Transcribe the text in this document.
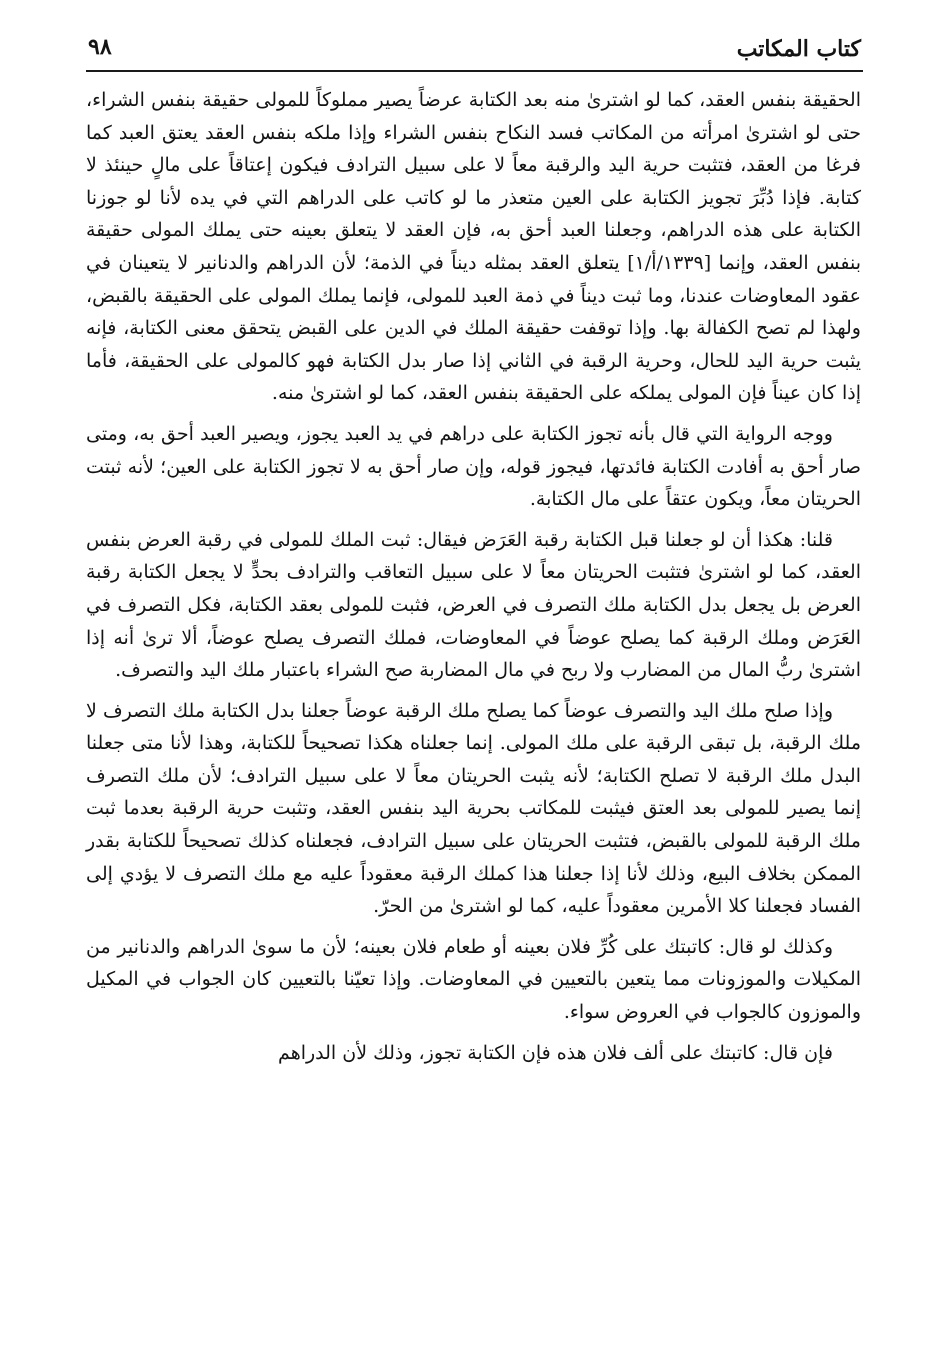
كتاب المكاتب
٩٨

الحقيقة بنفس العقد، كما لو اشترىٰ منه بعد الكتابة عرضاً يصير مملوكاً للمولى حقيقة بنفس الشراء، حتى لو اشترىٰ امرأته من المكاتب فسد النكاح بنفس الشراء وإذا ملكه بنفس العقد يعتق العبد كما فرغا من العقد، فتثبت حرية اليد والرقبة معاً لا على سبيل الترادف فيكون إعتاقاً على مالٍ حينئذ لا كتابة. فإذا دُبِّرَ تجويز الكتابة على العين متعذر ما لو كاتب على الدراهم التي في يده لأنا لو جوزنا الكتابة على هذه الدراهم، وجعلنا العبد أحق به، فإن العقد لا يتعلق بعينه حتى يملك المولى حقيقة بنفس العقد، وإنما [١٣٣٩/أ/١] يتعلق العقد بمثله ديناً في الذمة؛ لأن الدراهم والدنانير لا يتعينان في عقود المعاوضات عندنا، وما ثبت ديناً في ذمة العبد للمولى، فإنما يملك المولى على الحقيقة بالقبض، ولهذا لم تصح الكفالة بها. وإذا توقفت حقيقة الملك في الدين على القبض يتحقق معنى الكتابة، فإنه يثبت حرية اليد للحال، وحرية الرقبة في الثاني إذا صار بدل الكتابة فهو كالمولى على الحقيقة، فأما إذا كان عيناً فإن المولى يملكه على الحقيقة بنفس العقد، كما لو اشترىٰ منه.

ووجه الرواية التي قال بأنه تجوز الكتابة على دراهم في يد العبد يجوز، ويصير العبد أحق به، ومتى صار أحق به أفادت الكتابة فائدتها، فيجوز قوله، وإن صار أحق به لا تجوز الكتابة على العين؛ لأنه ثبتت الحريتان معاً، ويكون عتقاً على مال الكتابة.

قلنا: هكذا أن لو جعلنا قبل الكتابة رقبة العَرَض فيقال: ثبت الملك للمولى في رقبة العرض بنفس العقد، كما لو اشترىٰ فتثبت الحريتان معاً لا على سبيل التعاقب والترادف بحدٍّ لا يجعل الكتابة رقبة العرض بل يجعل بدل الكتابة ملك التصرف في العرض، فثبت للمولى بعقد الكتابة، فكل التصرف في العَرَض وملك الرقبة كما يصلح عوضاً في المعاوضات، فملك التصرف يصلح عوضاً، ألا ترىٰ أنه إذا اشترىٰ ربُّ المال من المضارب ولا ربح في مال المضاربة صح الشراء باعتبار ملك اليد والتصرف.

وإذا صلح ملك اليد والتصرف عوضاً كما يصلح ملك الرقبة عوضاً جعلنا بدل الكتابة ملك التصرف لا ملك الرقبة، بل تبقى الرقبة على ملك المولى. إنما جعلناه هكذا تصحيحاً للكتابة، وهذا لأنا متى جعلنا البدل ملك الرقبة لا تصلح الكتابة؛ لأنه يثبت الحريتان معاً لا على سبيل الترادف؛ لأن ملك التصرف إنما يصير للمولى بعد العتق فيثبت للمكاتب بحرية اليد بنفس العقد، وتثبت حرية الرقبة بعدما ثبت ملك الرقبة للمولى بالقبض، فتثبت الحريتان على سبيل الترادف، فجعلناه كذلك تصحيحاً للكتابة بقدر الممكن بخلاف البيع، وذلك لأنا إذا جعلنا هذا كملك الرقبة معقوداً عليه مع ملك التصرف لا يؤدي إلى الفساد فجعلنا كلا الأمرين معقوداً عليه، كما لو اشترىٰ من الحرّ.

وكذلك لو قال: كاتبتك على كُرِّ فلان بعينه أو طعام فلان بعينه؛ لأن ما سوىٰ الدراهم والدنانير من المكيلات والموزونات مما يتعين بالتعيين في المعاوضات. وإذا تعيّنا بالتعيين كان الجواب في المكيل والموزون كالجواب في العروض سواء.

فإن قال: كاتبتك على ألف فلان هذه فإن الكتابة تجوز، وذلك لأن الدراهم
